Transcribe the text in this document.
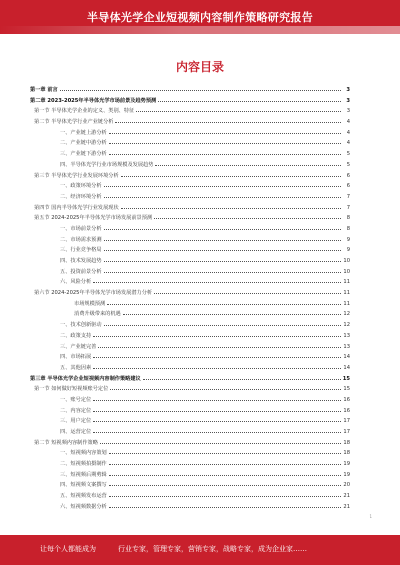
半导体光学企业短视频内容制作策略研究报告
内容目录
第一章 前言	3
第二章 2023-2025年半导体光学市场前景及趋势预测	3
第一节 半导体光学企业的定义、类别、特征	3
第二节 半导体光学行业产业链分析	4
一、产业链上游分析	4
二、产业链中游分析	4
三、产业链下游分析	5
四、半导体光学行业市场规模及发展趋势	5
第三节 半导体光学行业发展环境分析	6
一、政策环境分析	6
二、经济环境分析	7
第四节 国内半导体光学行业发展现状	7
第五节 2024-2025年半导体光学市场发展前景预测	8
一、市场前景分析	8
二、市场需求预测	9
三、行业竞争格局	9
四、技术发展趋势	10
五、投资前景分析	10
六、风险分析	11
第六节 2024-2025年半导体光学市场发展潜力分析	11
市场规模预测	11
消费升级带来的机遇	12
一、技术创新驱动	12
二、政策支持	13
三、产业链完善	13
四、市场拓展	14
五、其他因素	14
第三章 半导体光学企业短视频内容制作策略建议	15
第一节 如何做好短视频账号定位	15
一、账号定位	16
二、内容定位	16
三、用户定位	17
四、运营定位	17
第二节 短视频内容制作策略	18
一、短视频内容策划	18
二、短视频拍摄制作	19
三、短视频后期剪辑	19
四、短视频文案撰写	20
五、短视频发布运营	21
六、短视频数据分析	21
1
让每个人都能成为	行业专家，管理专家，营销专家，战略专家，成为企业家……
